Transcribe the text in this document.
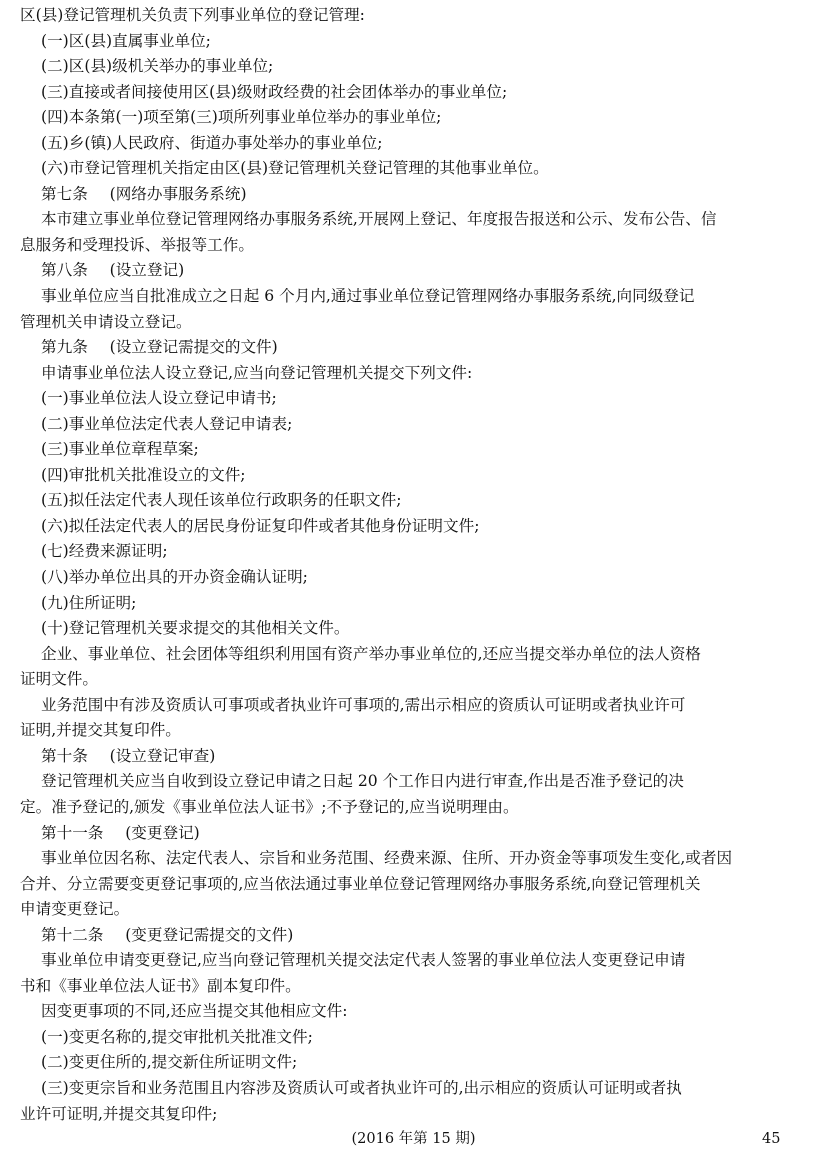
区(县)登记管理机关负责下列事业单位的登记管理:

(一)区(县)直属事业单位;

(二)区(县)级机关举办的事业单位;

(三)直接或者间接使用区(县)级财政经费的社会团体举办的事业单位;

(四)本条第(一)项至第(三)项所列事业单位举办的事业单位;

(五)乡(镇)人民政府、街道办事处举办的事业单位;

(六)市登记管理机关指定由区(县)登记管理机关登记管理的其他事业单位。

第七条 (网络办事服务系统)

本市建立事业单位登记管理网络办事服务系统,开展网上登记、年度报告报送和公示、发布公告、信

息服务和受理投诉、举报等工作。

第八条 (设立登记)

事业单位应当自批准成立之日起 6 个月内,通过事业单位登记管理网络办事服务系统,向同级登记

管理机关申请设立登记。

第九条 (设立登记需提交的文件)

申请事业单位法人设立登记,应当向登记管理机关提交下列文件:

(一)事业单位法人设立登记申请书;

(二)事业单位法定代表人登记申请表;

(三)事业单位章程草案;

(四)审批机关批准设立的文件;

(五)拟任法定代表人现任该单位行政职务的任职文件;

(六)拟任法定代表人的居民身份证复印件或者其他身份证明文件;

(七)经费来源证明;

(八)举办单位出具的开办资金确认证明;

(九)住所证明;

(十)登记管理机关要求提交的其他相关文件。

企业、事业单位、社会团体等组织利用国有资产举办事业单位的,还应当提交举办单位的法人资格

证明文件。

业务范围中有涉及资质认可事项或者执业许可事项的,需出示相应的资质认可证明或者执业许可

证明,并提交其复印件。

第十条 (设立登记审查)

登记管理机关应当自收到设立登记申请之日起 20 个工作日内进行审查,作出是否准予登记的决

定。准予登记的,颁发《事业单位法人证书》;不予登记的,应当说明理由。

第十一条 (变更登记)

事业单位因名称、法定代表人、宗旨和业务范围、经费来源、住所、开办资金等事项发生变化,或者因

合并、分立需要变更登记事项的,应当依法通过事业单位登记管理网络办事服务系统,向登记管理机关

申请变更登记。

第十二条 (变更登记需提交的文件)

事业单位申请变更登记,应当向登记管理机关提交法定代表人签署的事业单位法人变更登记申请

书和《事业单位法人证书》副本复印件。

因变更事项的不同,还应当提交其他相应文件:

(一)变更名称的,提交审批机关批准文件;

(二)变更住所的,提交新住所证明文件;

(三)变更宗旨和业务范围且内容涉及资质认可或者执业许可的,出示相应的资质认可证明或者执

业许可证明,并提交其复印件;

(2016 年第 15 期)	45
